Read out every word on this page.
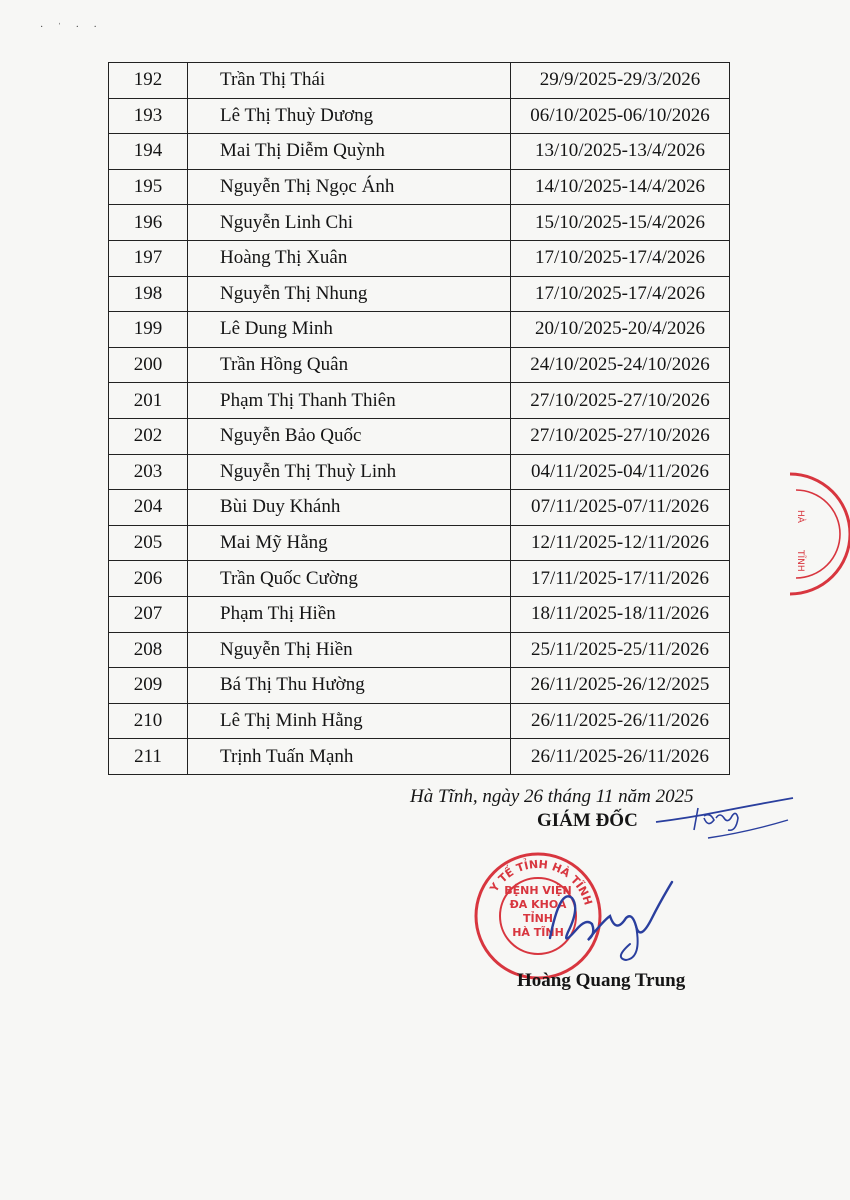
· ˈ · ·
192	Trần Thị Thái	29/9/2025-29/3/2026
193	Lê Thị Thuỳ Dương	06/10/2025-06/10/2026
194	Mai Thị Diễm Quỳnh	13/10/2025-13/4/2026
195	Nguyễn Thị Ngọc Ánh	14/10/2025-14/4/2026
196	Nguyễn Linh Chi	15/10/2025-15/4/2026
197	Hoàng Thị Xuân	17/10/2025-17/4/2026
198	Nguyễn Thị Nhung	17/10/2025-17/4/2026
199	Lê Dung Minh	20/10/2025-20/4/2026
200	Trần Hồng Quân	24/10/2025-24/10/2026
201	Phạm Thị Thanh Thiên	27/10/2025-27/10/2026
202	Nguyễn Bảo Quốc	27/10/2025-27/10/2026
203	Nguyễn Thị Thuỳ Linh	04/11/2025-04/11/2026
204	Bùi Duy Khánh	07/11/2025-07/11/2026
205	Mai Mỹ Hằng	12/11/2025-12/11/2026
206	Trần Quốc Cường	17/11/2025-17/11/2026
207	Phạm Thị Hiền	18/11/2025-18/11/2026
208	Nguyễn Thị Hiền	25/11/2025-25/11/2026
209	Bá Thị Thu Hường	26/11/2025-26/12/2025
210	Lê Thị Minh Hằng	26/11/2025-26/11/2026
211	Trịnh Tuấn Mạnh	26/11/2025-26/11/2026
Hà Tĩnh, ngày 26 tháng 11 năm 2025
GIÁM ĐỐC
Y TẾ TỈNH HÀ TĨNH
BỆNH VIỆN ĐA KHOA TỈNH HÀ TĨNH
Hoàng Quang Trung
HÀ
TĨNH
